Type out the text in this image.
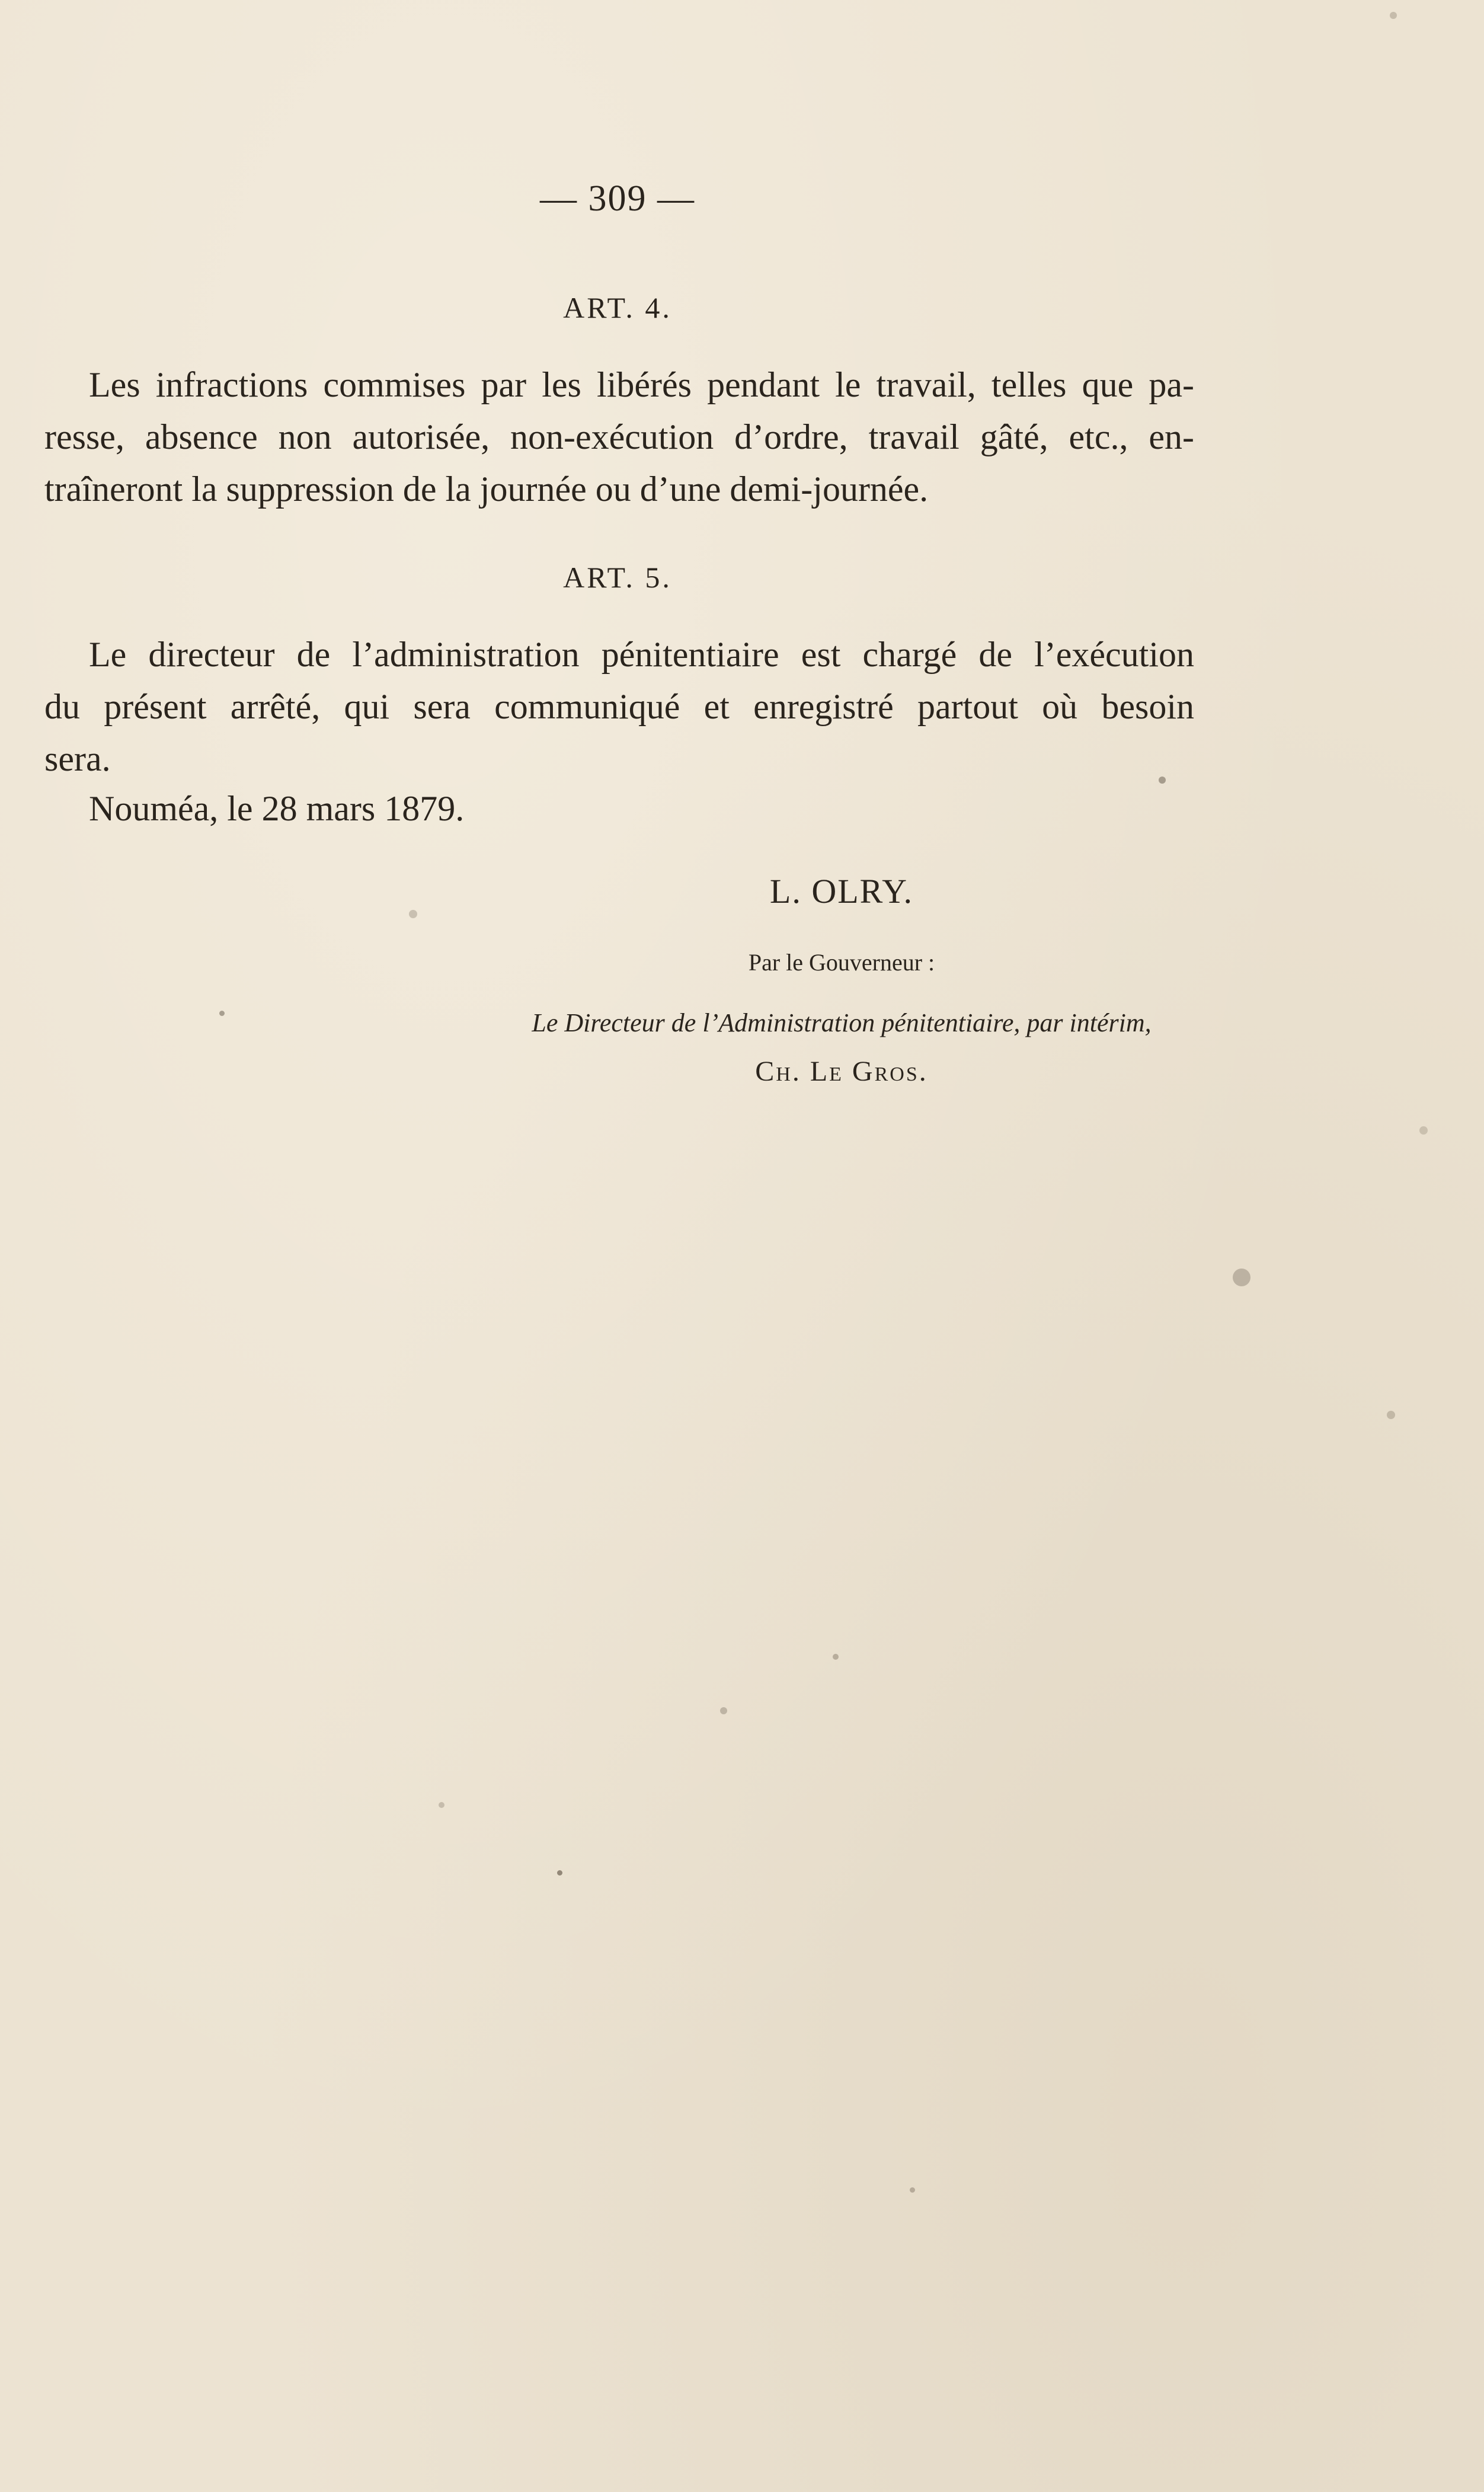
— 309 —
ART. 4.
Les infractions commises par les libérés pendant le travail, telles que pa-
resse, absence non autorisée, non-exécution d’ordre, travail gâté, etc., en-
traîneront la suppression de la journée ou d’une demi-journée.
ART. 5.
Le directeur de l’administration pénitentiaire est chargé de l’exécution
du présent arrêté, qui sera communiqué et enregistré partout où besoin
sera.
Nouméa, le 28 mars 1879.
L. OLRY.
Par le Gouverneur :
Le Directeur de l’Administration pénitentiaire, par intérim,
Ch. Le Gros.
